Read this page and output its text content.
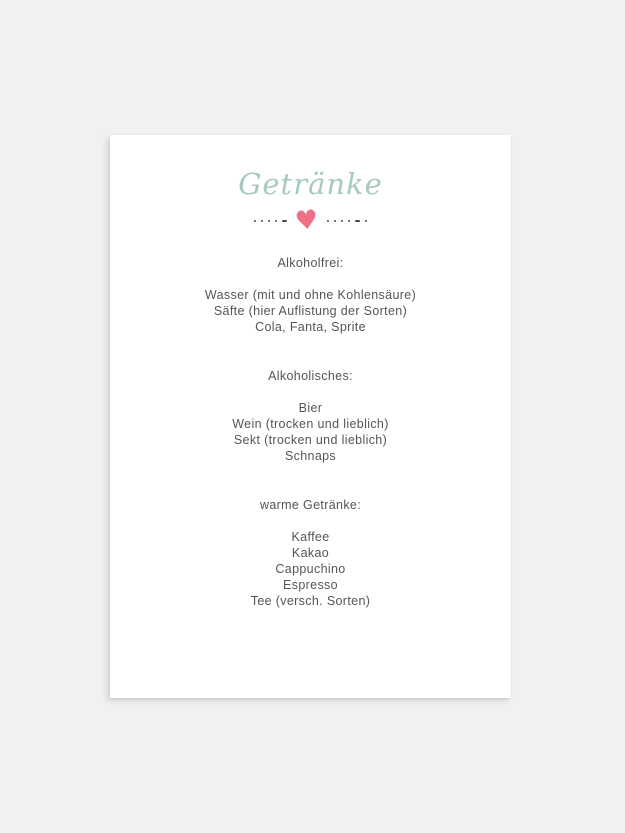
Getränke
♥

Alkoholfrei:

Wasser (mit und ohne Kohlensäure)

Säfte (hier Auflistung der Sorten)

Cola, Fanta, Sprite

Alkoholisches:

Bier

Wein (trocken und lieblich)

Sekt (trocken und lieblich)

Schnaps

warme Getränke:

Kaffee

Kakao

Cappuchino

Espresso

Tee (versch. Sorten)
